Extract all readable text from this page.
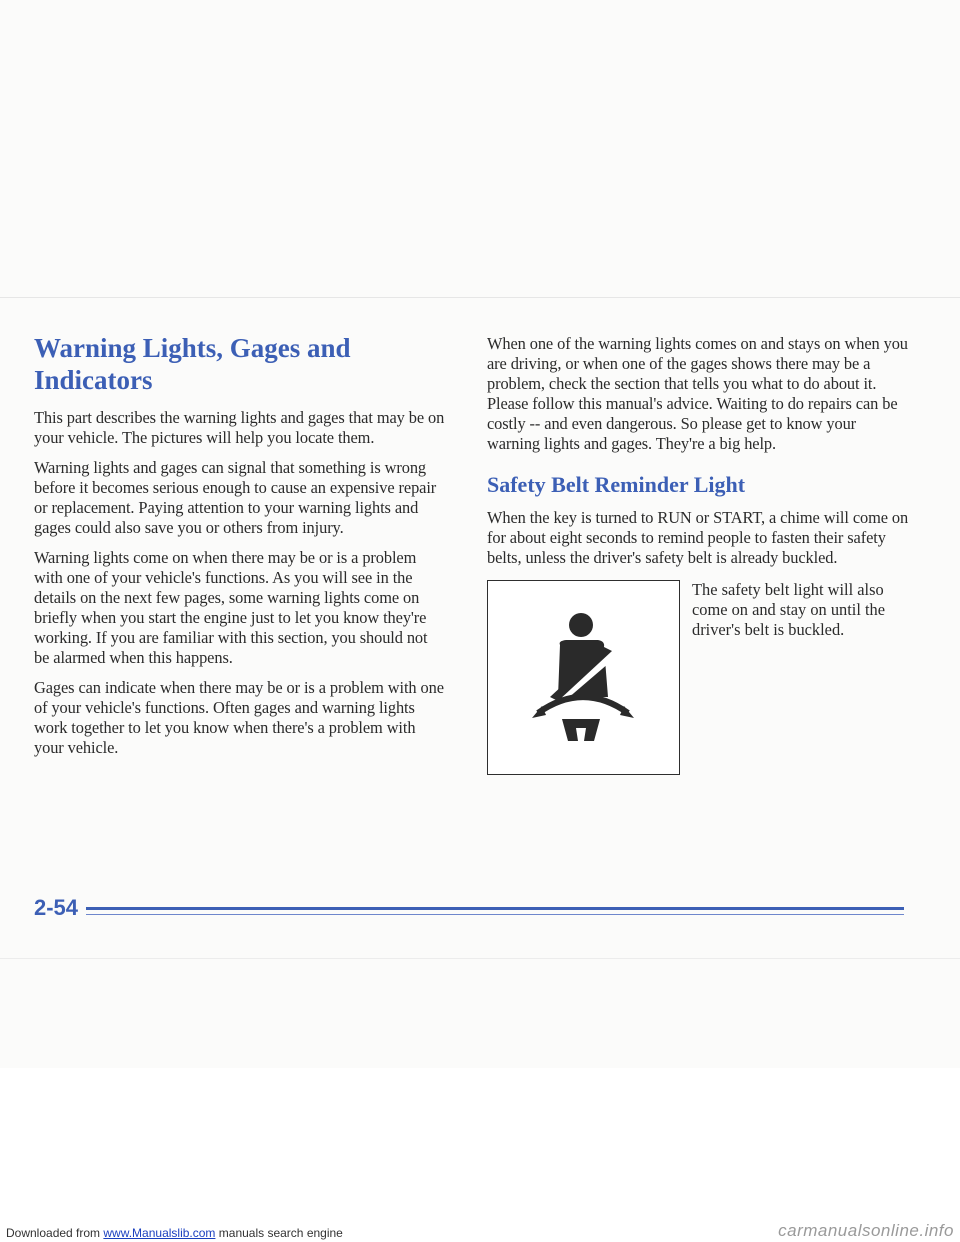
Warning Lights, Gages and Indicators

This part describes the warning lights and gages that may be on your vehicle. The pictures will help you locate them.

Warning lights and gages can signal that something is wrong before it becomes serious enough to cause an expensive repair or replacement. Paying attention to your warning lights and gages could also save you or others from injury.

Warning lights come on when there may be or is a problem with one of your vehicle's functions. As you will see in the details on the next few pages, some warning lights come on briefly when you start the engine just to let you know they're working. If you are familiar with this section, you should not be alarmed when this happens.

Gages can indicate when there may be or is a problem with one of your vehicle's functions. Often gages and warning lights work together to let you know when there's a problem with your vehicle.

When one of the warning lights comes on and stays on when you are driving, or when one of the gages shows there may be a problem, check the section that tells you what to do about it. Please follow this manual's advice. Waiting to do repairs can be costly -- and even dangerous. So please get to know your warning lights and gages. They're a big help.

Safety Belt Reminder Light

When the key is turned to RUN or START, a chime will come on for about eight seconds to remind people to fasten their safety belts, unless the driver's safety belt is already buckled.

The safety belt light will also come on and stay on until the driver's belt is buckled.

2-54
Downloaded from www.Manualslib.com manuals search engine	carmanualsonline.info
